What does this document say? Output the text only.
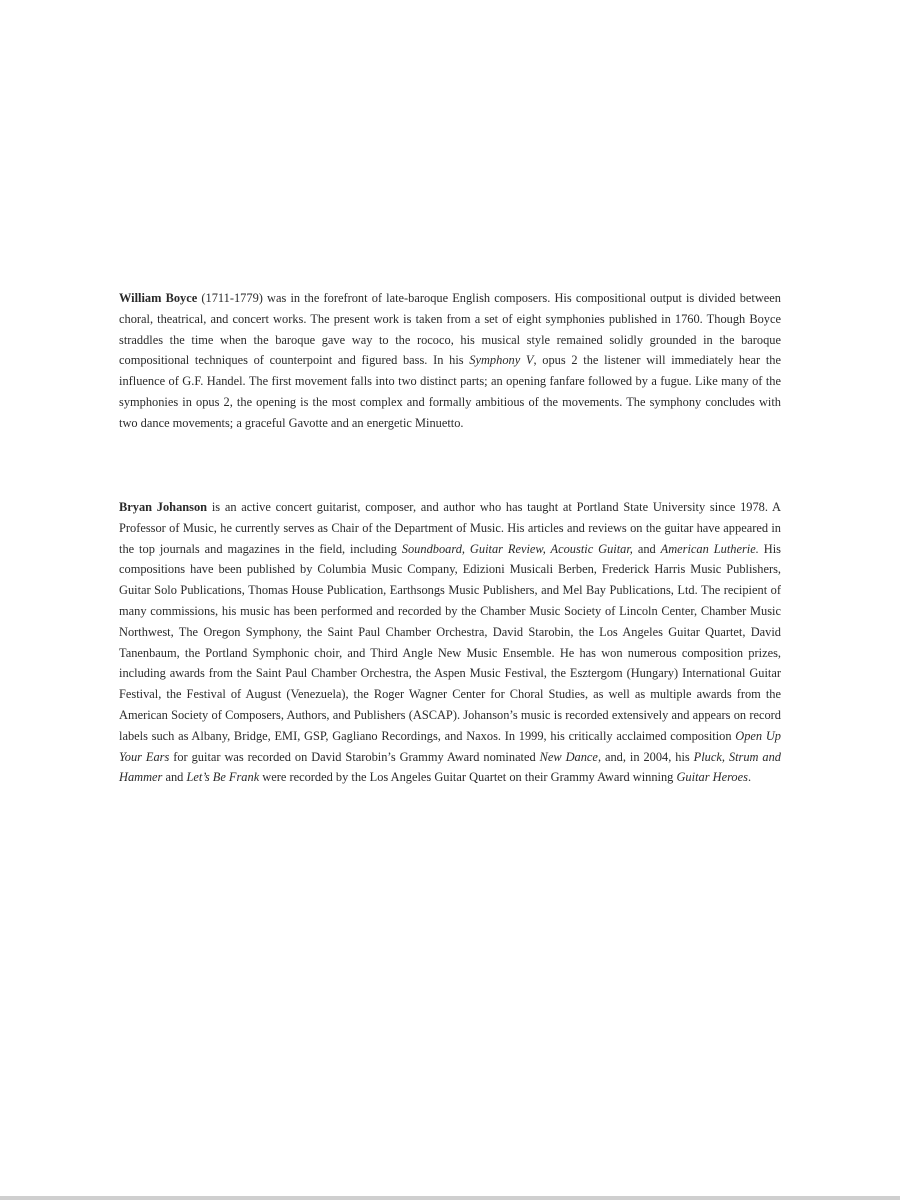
William Boyce (1711-1779) was in the forefront of late-baroque English composers. His compositional output is divided between choral, theatrical, and concert works. The present work is taken from a set of eight symphonies published in 1760. Though Boyce straddles the time when the baroque gave way to the rococo, his musical style remained solidly grounded in the baroque compositional techniques of counterpoint and figured bass. In his Symphony V, opus 2 the listener will immediately hear the influence of G.F. Handel. The first movement falls into two distinct parts; an opening fanfare followed by a fugue. Like many of the symphonies in opus 2, the opening is the most complex and formally ambitious of the movements. The symphony concludes with two dance movements; a graceful Gavotte and an energetic Minuetto.

Bryan Johanson is an active concert guitarist, composer, and author who has taught at Portland State University since 1978. A Professor of Music, he currently serves as Chair of the Department of Music. His articles and reviews on the guitar have appeared in the top journals and magazines in the field, including Soundboard, Guitar Review, Acoustic Guitar, and American Lutherie. His compositions have been published by Columbia Music Company, Edizioni Musicali Berben, Frederick Harris Music Publishers, Guitar Solo Publications, Thomas House Publication, Earthsongs Music Publishers, and Mel Bay Publications, Ltd. The recipient of many commissions, his music has been performed and recorded by the Chamber Music Society of Lincoln Center, Chamber Music Northwest, The Oregon Symphony, the Saint Paul Chamber Orchestra, David Starobin, the Los Angeles Guitar Quartet, David Tanenbaum, the Portland Symphonic choir, and Third Angle New Music Ensemble. He has won numerous composition prizes, including awards from the Saint Paul Chamber Orchestra, the Aspen Music Festival, the Esztergom (Hungary) International Guitar Festival, the Festival of August (Venezuela), the Roger Wagner Center for Choral Studies, as well as multiple awards from the American Society of Composers, Authors, and Publishers (ASCAP). Johanson’s music is recorded extensively and appears on record labels such as Albany, Bridge, EMI, GSP, Gagliano Recordings, and Naxos. In 1999, his critically acclaimed composition Open Up Your Ears for guitar was recorded on David Starobin’s Grammy Award nominated New Dance, and, in 2004, his Pluck, Strum and Hammer and Let’s Be Frank were recorded by the Los Angeles Guitar Quartet on their Grammy Award winning Guitar Heroes.
